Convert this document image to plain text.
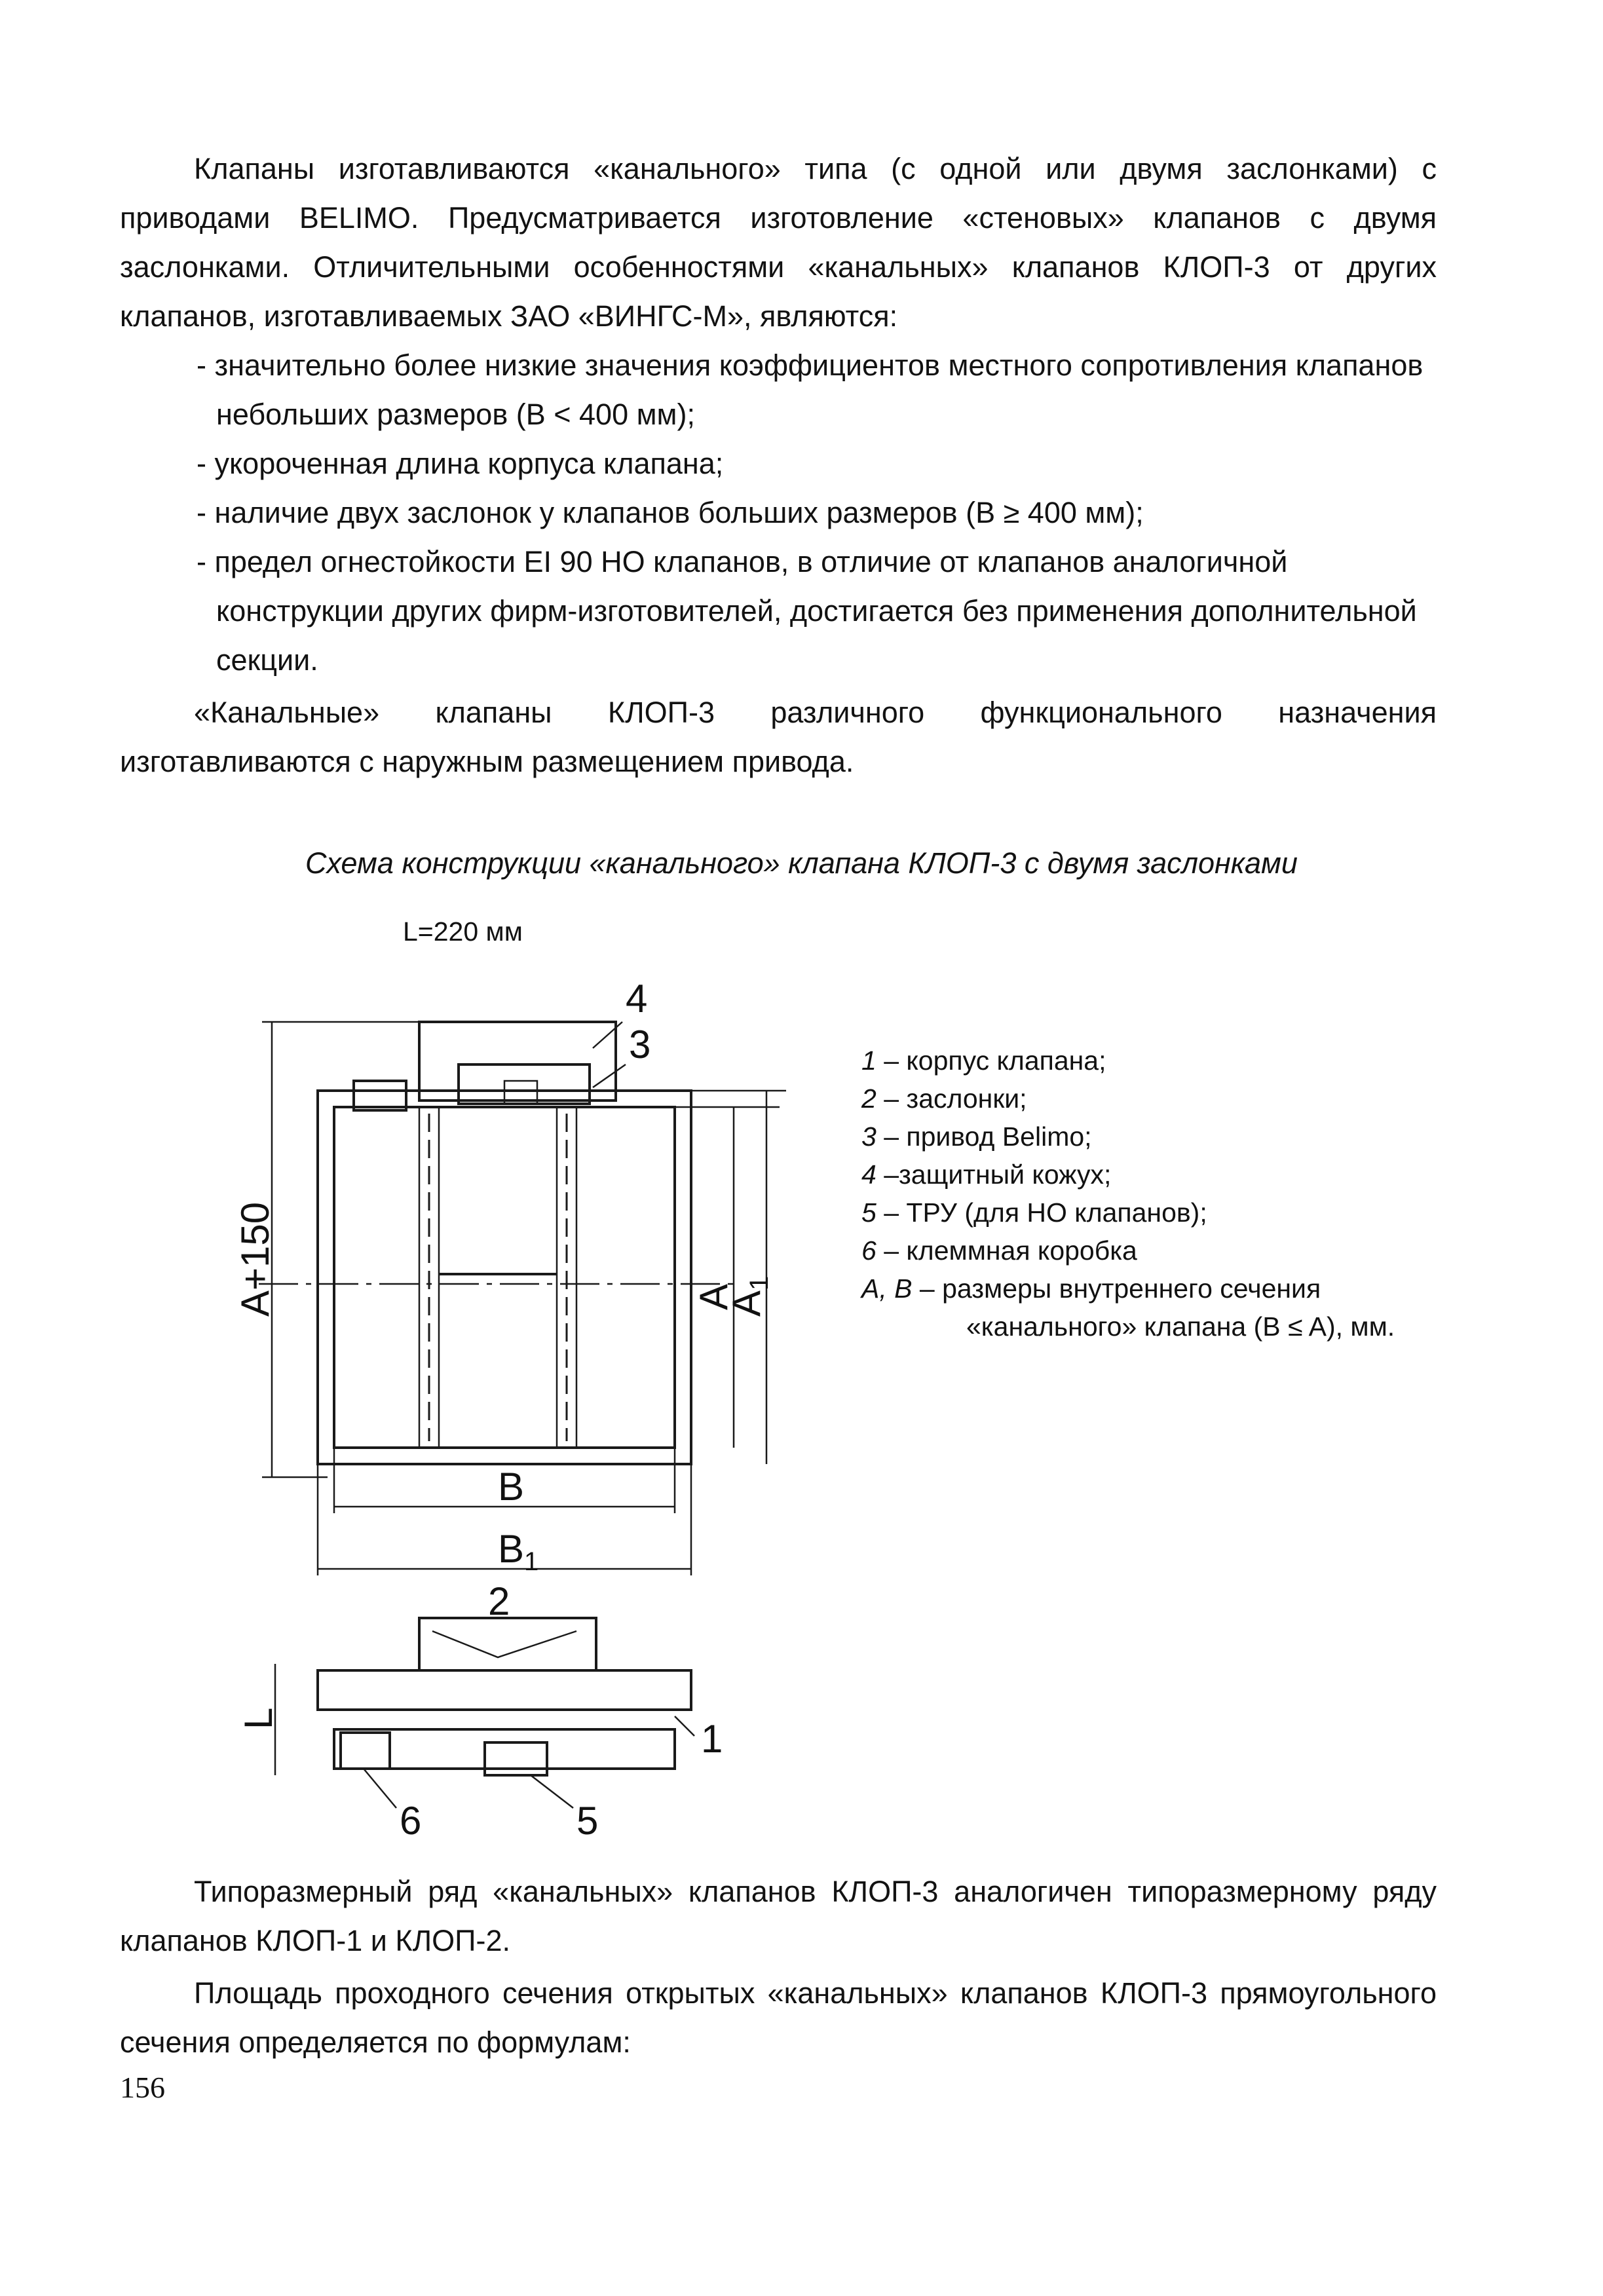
Клапаны изготавливаются «канального» типа (с одной или двумя заслонками) с приводами BELIMO. Предусматривается изготовление «стеновых» клапанов с двумя заслонками. Отличительными особенностями «канальных» клапанов КЛОП-3 от других клапанов, изготавливаемых ЗАО «ВИНГС-М», являются:

- значительно более низкие значения коэффициентов местного сопротивления клапанов небольших размеров (B < 400 мм);
- укороченная длина корпуса клапана;
- наличие двух заслонок у клапанов больших размеров (B ≥ 400 мм);
- предел огнестойкости EI 90 НО клапанов, в отличие от клапанов аналогичной конструкции других фирм-изготовителей, достигается без применения дополнительной секции.

«Канальные» клапаны КЛОП-3 различного функционального назначения изготавливаются с наружным размещением привода.

Схема конструкции «канального» клапана КЛОП-3 с двумя заслонками
L=220 мм
A+150	A
$A_1$
B
$B_1$
4
3
L
2
1
6	5
1 – корпус клапана;
2 – заслонки;
3 – привод Belimo;
4 –защитный кожух;
5 – ТРУ (для НО клапанов);
6 – клеммная коробка
A, B – размеры внутреннего сечения
«канального» клапана (B ≤ A), мм.

Типоразмерный ряд «канальных» клапанов КЛОП-3 аналогичен типоразмерному ряду клапанов КЛОП-1 и КЛОП-2.

Площадь проходного сечения открытых «канальных» клапанов КЛОП-3 прямоугольного сечения определяется по формулам:

156
